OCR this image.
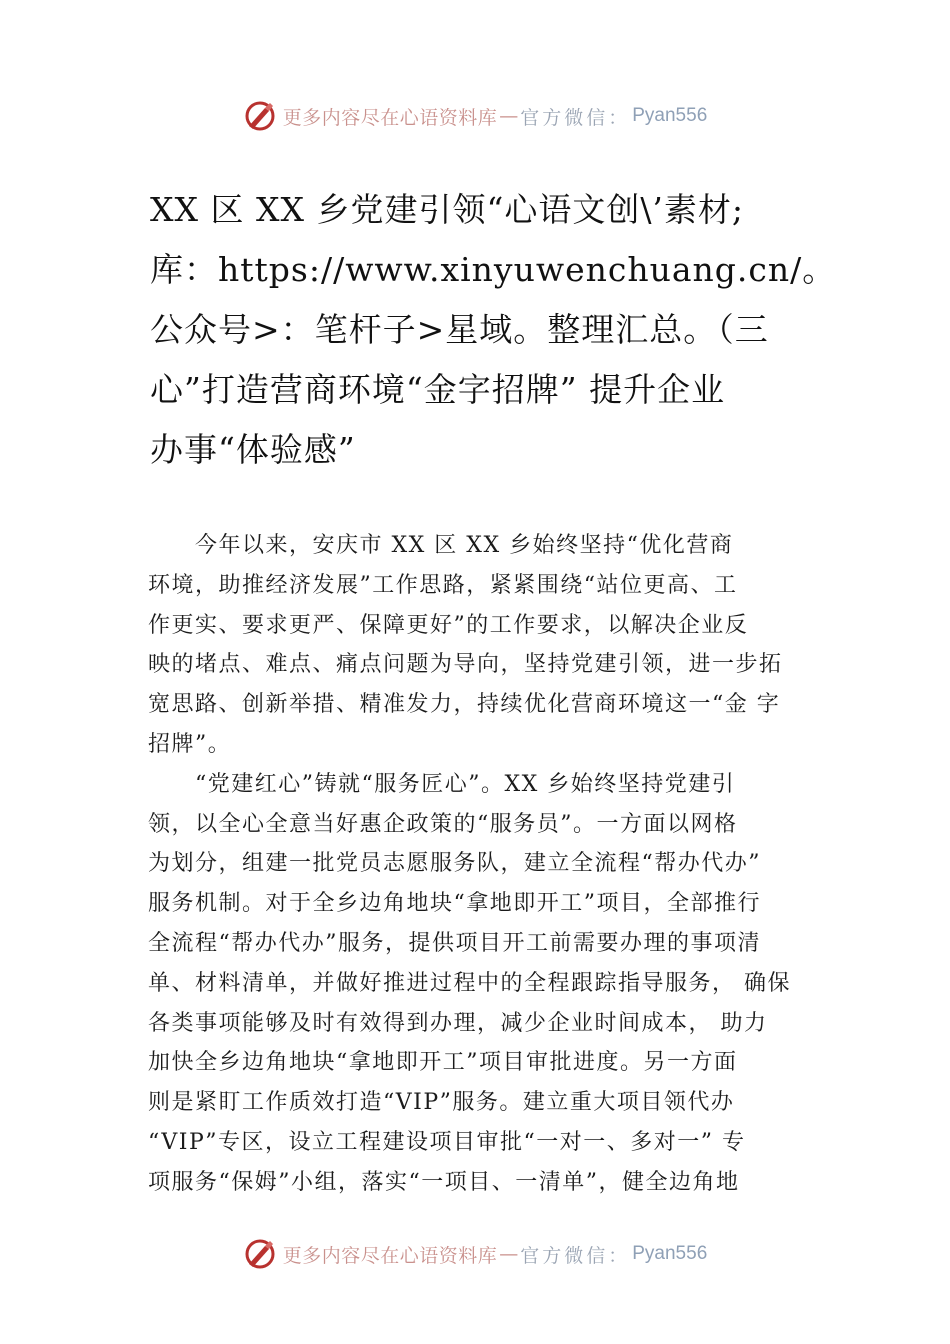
更多内容尽在心语资料库 — 官方微信： Pyan556
XX 区 XX 乡党建引领“心语文创\’素材;
库：https://www.xinyuwenchuang.cn/。
公众号>：笔杆子>星域。整理汇总。（三
心”打造营商环境“金字招牌” 提升企业
办事“体验感”
　　今年以来，安庆市 XX 区 XX 乡始终坚持“优化营商
环境，助推经济发展”工作思路，紧紧围绕“站位更高、工
作更实、要求更严、保障更好”的工作要求，以解决企业反
映的堵点、难点、痛点问题为导向，坚持党建引领，进一步拓
宽思路、创新举措、精准发力，持续优化营商环境这一“金 字
招牌”。
　　“党建红心”铸就“服务匠心”。XX 乡始终坚持党建引
领，以全心全意当好惠企政策的“服务员”。一方面以网格
为划分，组建一批党员志愿服务队，建立全流程“帮办代办”
服务机制。对于全乡边角地块“拿地即开工”项目，全部推行
全流程“帮办代办”服务，提供项目开工前需要办理的事项清
单、材料清单，并做好推进过程中的全程跟踪指导服务， 确保
各类事项能够及时有效得到办理，减少企业时间成本， 助力
加快全乡边角地块“拿地即开工”项目审批进度。另一方面
则是紧盯工作质效打造“VIP”服务。建立重大项目领代办
“VIP”专区，设立工程建设项目审批“一对一、多对一” 专
项服务“保姆”小组，落实“一项目、一清单”，健全边角地
更多内容尽在心语资料库 — 官方微信： Pyan556
